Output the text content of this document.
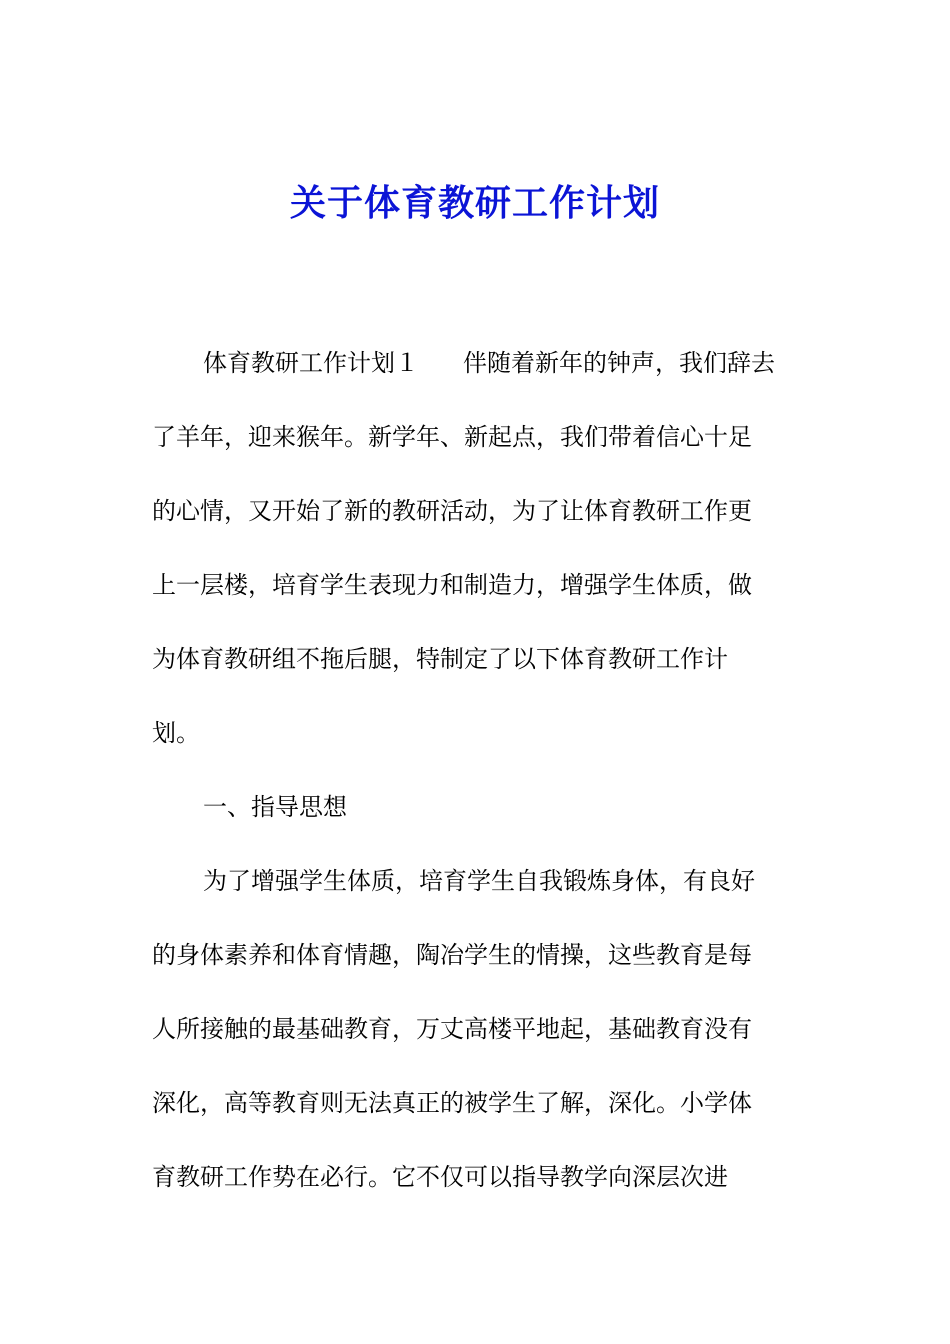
关于体育教研工作计划
体育教研工作计划１ 伴随着新年的钟声，我们辞去
了羊年，迎来猴年。新学年、新起点，我们带着信心十足
的心情，又开始了新的教研活动，为了让体育教研工作更
上一层楼，培育学生表现力和制造力，增强学生体质，做
为体育教研组不拖后腿，特制定了以下体育教研工作计
划。
一、指导思想
为了增强学生体质，培育学生自我锻炼身体，有良好
的身体素养和体育情趣，陶冶学生的情操，这些教育是每
人所接触的最基础教育，万丈高楼平地起，基础教育没有
深化，高等教育则无法真正的被学生了解，深化。小学体
育教研工作势在必行。它不仅可以指导教学向深层次进
